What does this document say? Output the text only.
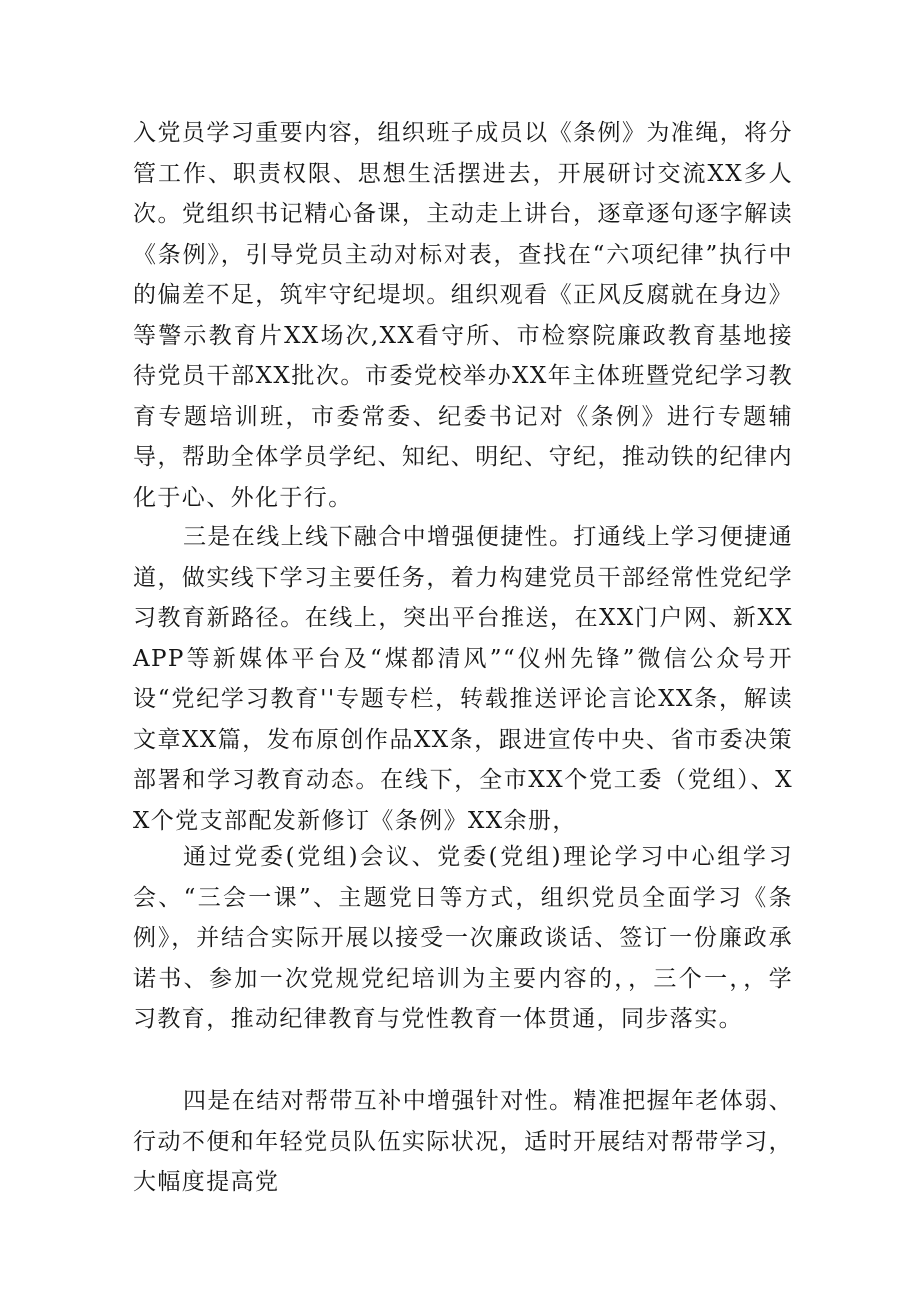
入党员学习重要内容，组织班子成员以《条例》为准绳，将分管工作、职责权限、思想生活摆进去，开展研讨交流XX多人次。党组织书记精心备课，主动走上讲台，逐章逐句逐字解读《条例》，引导党员主动对标对表，查找在“六项纪律”执行中的偏差不足，筑牢守纪堤坝。组织观看《正风反腐就在身边》等警示教育片XX场次,XX看守所、市检察院廉政教育基地接待党员干部XX批次。市委党校举办XX年主体班暨党纪学习教育专题培训班，市委常委、纪委书记对《条例》进行专题辅导，帮助全体学员学纪、知纪、明纪、守纪，推动铁的纪律内化于心、外化于行。

三是在线上线下融合中增强便捷性。打通线上学习便捷通道，做实线下学习主要任务，着力构建党员干部经常性党纪学习教育新路径。在线上，突出平台推送，在XX门户网、新XXAPP等新媒体平台及“煤都清风”“仪州先锋”微信公众号开设“党纪学习教育''专题专栏，转载推送评论言论XX条，解读文章XX篇，发布原创作品XX条，跟进宣传中央、省市委决策部署和学习教育动态。在线下，全市XX个党工委（党组）、XX个党支部配发新修订《条例》XX余册，

通过党委(党组)会议、党委(党组)理论学习中心组学习会、“三会一课”、主题党日等方式，组织党员全面学习《条例》，并结合实际开展以接受一次廉政谈话、签订一份廉政承诺书、参加一次党规党纪培训为主要内容的，，三个一，，学习教育，推动纪律教育与党性教育一体贯通，同步落实。

四是在结对帮带互补中增强针对性。精准把握年老体弱、行动不便和年轻党员队伍实际状况，适时开展结对帮带学习，大幅度提高党
